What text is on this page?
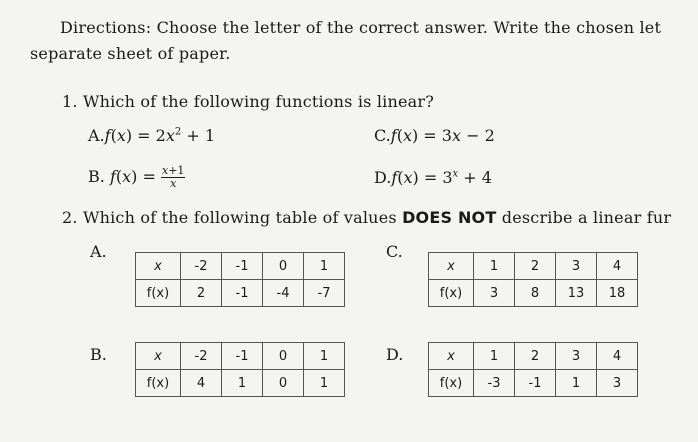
Directions: Choose the letter of the correct answer. Write the chosen let
separate sheet of paper.
1. Which of the following functions is linear?
$A.f(x) = 2x^2 + 1$	C.f(x) = 3x − 2
B. $f(x) = \frac{x+1}{x}$	$D.f(x) = 3^x + 4$
2. Which of the following table of values DOES NOT describe a linear fur
A.
x	-2	-1	0	1
f(x)	2	-1	-4	-7
C.
x	1	2	3	4
f(x)	3	8	13	18
B.	x	-2	-1	0	1
f(x)	4	1	0	1
D.	x	1	2	3	4
f(x)	-3	-1	1	3
